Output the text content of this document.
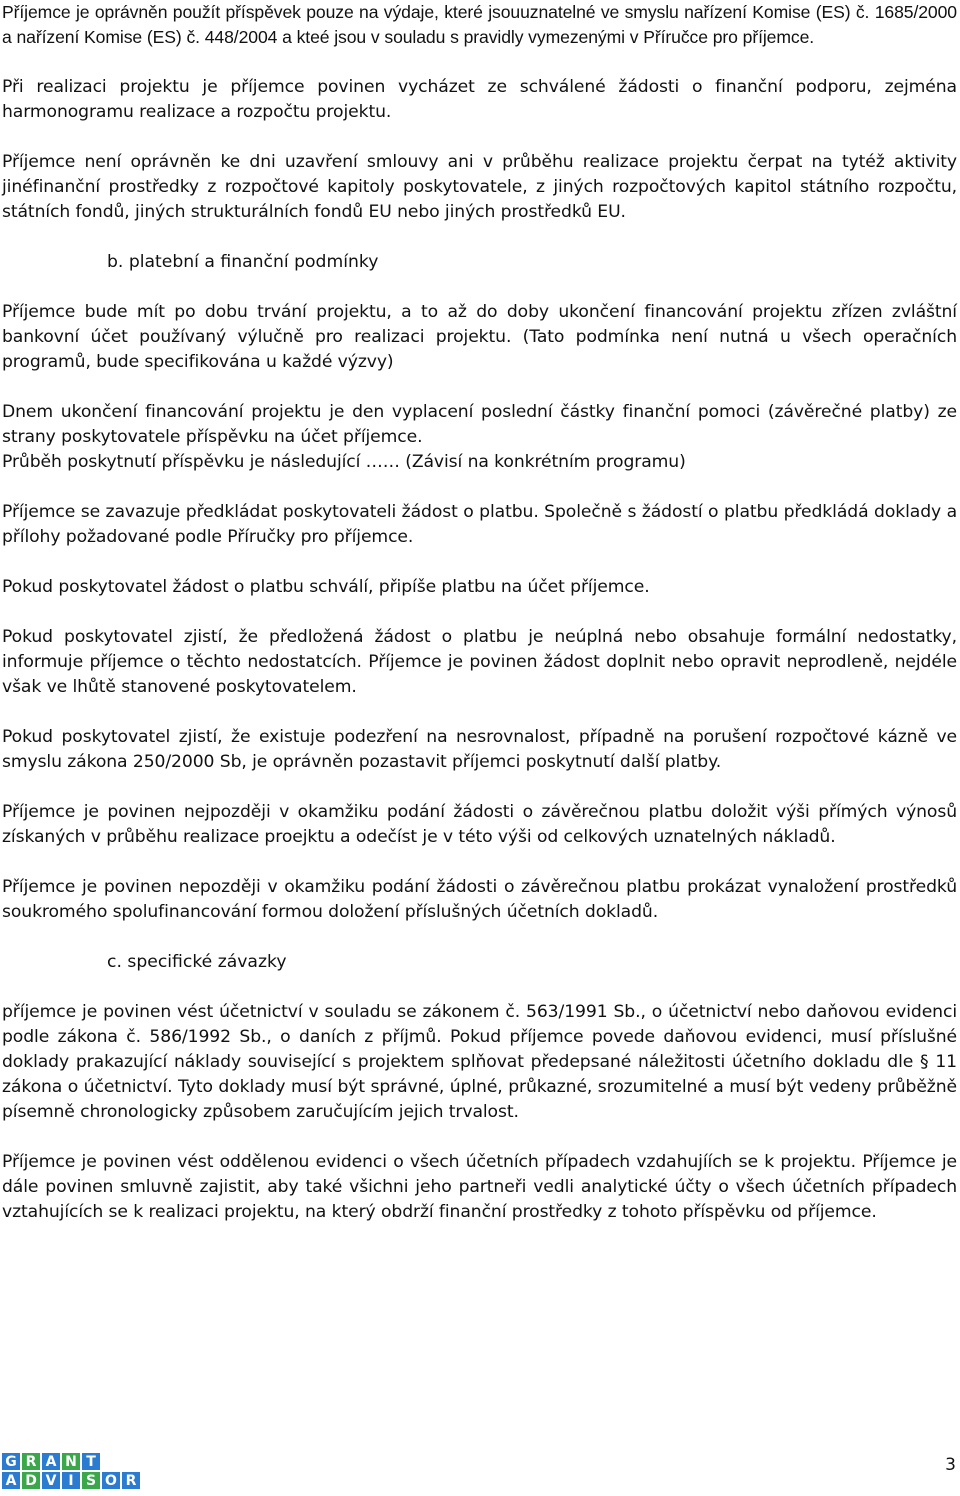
Příjemce je oprávněn použít příspěvek pouze na výdaje, které jsouuznatelné ve smyslu nařízení Komise (ES) č. 1685/2000 a nařízení Komise (ES) č. 448/2004 a kteé jsou v souladu s pravidly vymezenými v Příručce pro příjemce.

Při realizaci projektu je příjemce povinen vycházet ze schválené žádosti o finanční podporu, zejména harmonogramu realizace a rozpočtu projektu.

Příjemce není oprávněn ke dni uzavření smlouvy ani v průběhu realizace projektu čerpat na tytéž aktivity jinéfinanční prostředky z rozpočtové kapitoly poskytovatele, z jiných rozpočtových kapitol státního rozpočtu, státních fondů, jiných strukturálních fondů EU nebo jiných prostředků EU.

b. platební a finanční podmínky

Příjemce bude mít po dobu trvání projektu, a to až do doby ukončení financování projektu zřízen zvláštní bankovní účet používaný výlučně pro realizaci projektu. (Tato podmínka není nutná u všech operačních programů, bude specifikována u každé výzvy)

Dnem ukončení financování projektu je den vyplacení poslední částky finanční pomoci (závěrečné platby) ze strany poskytovatele příspěvku na účet příjemce.

Průběh poskytnutí příspěvku je následující …… (Závisí na konkrétním programu)

Příjemce se zavazuje předkládat poskytovateli žádost o platbu. Společně s žádostí o platbu předkládá doklady a přílohy požadované podle Příručky pro příjemce.

Pokud poskytovatel žádost o platbu schválí, připíše platbu na účet příjemce.

Pokud poskytovatel zjistí, že předložená žádost o platbu je neúplná nebo obsahuje formální nedostatky, informuje příjemce o těchto nedostatcích. Příjemce je povinen žádost doplnit nebo opravit neprodleně, nejdéle však ve lhůtě stanovené poskytovatelem.

Pokud poskytovatel zjistí, že existuje podezření na nesrovnalost, případně na porušení rozpočtové kázně ve smyslu zákona 250/2000 Sb, je oprávněn pozastavit příjemci poskytnutí další platby.

Příjemce je povinen nejpozději v okamžiku podání žádosti o závěrečnou platbu doložit výši přímých výnosů získaných v průběhu realizace proejktu a odečíst je v této výši od celkových uznatelných nákladů.

Příjemce je povinen nepozději v okamžiku podání žádosti o závěrečnou platbu prokázat vynaložení prostředků soukromého spolufinancování formou doložení příslušných účetních dokladů.

c. specifické závazky

příjemce je povinen vést účetnictví v souladu se zákonem č. 563/1991 Sb., o účetnictví nebo daňovou evidenci podle zákona č. 586/1992 Sb., o daních z příjmů. Pokud příjemce povede daňovou evidenci, musí příslušné doklady prakazující náklady související s projektem splňovat předepsané náležitosti účetního dokladu dle § 11 zákona o účetnictví. Tyto doklady musí být správné, úplné, průkazné, srozumitelné a musí být vedeny průběžně písemně chronologicky způsobem zaručujícím jejich trvalost.

Příjemce je povinen vést oddělenou evidenci o všech účetních případech vzdahujíích se k projektu. Příjemce je dále povinen smluvně zajistit, aby také všichni jeho partneři vedli analytické účty o všech účetních případech vztahujících se k realizaci projektu, na který obdrží finanční prostředky z tohoto příspěvku od příjemce.

G R A N T
A D V I S O R
3
